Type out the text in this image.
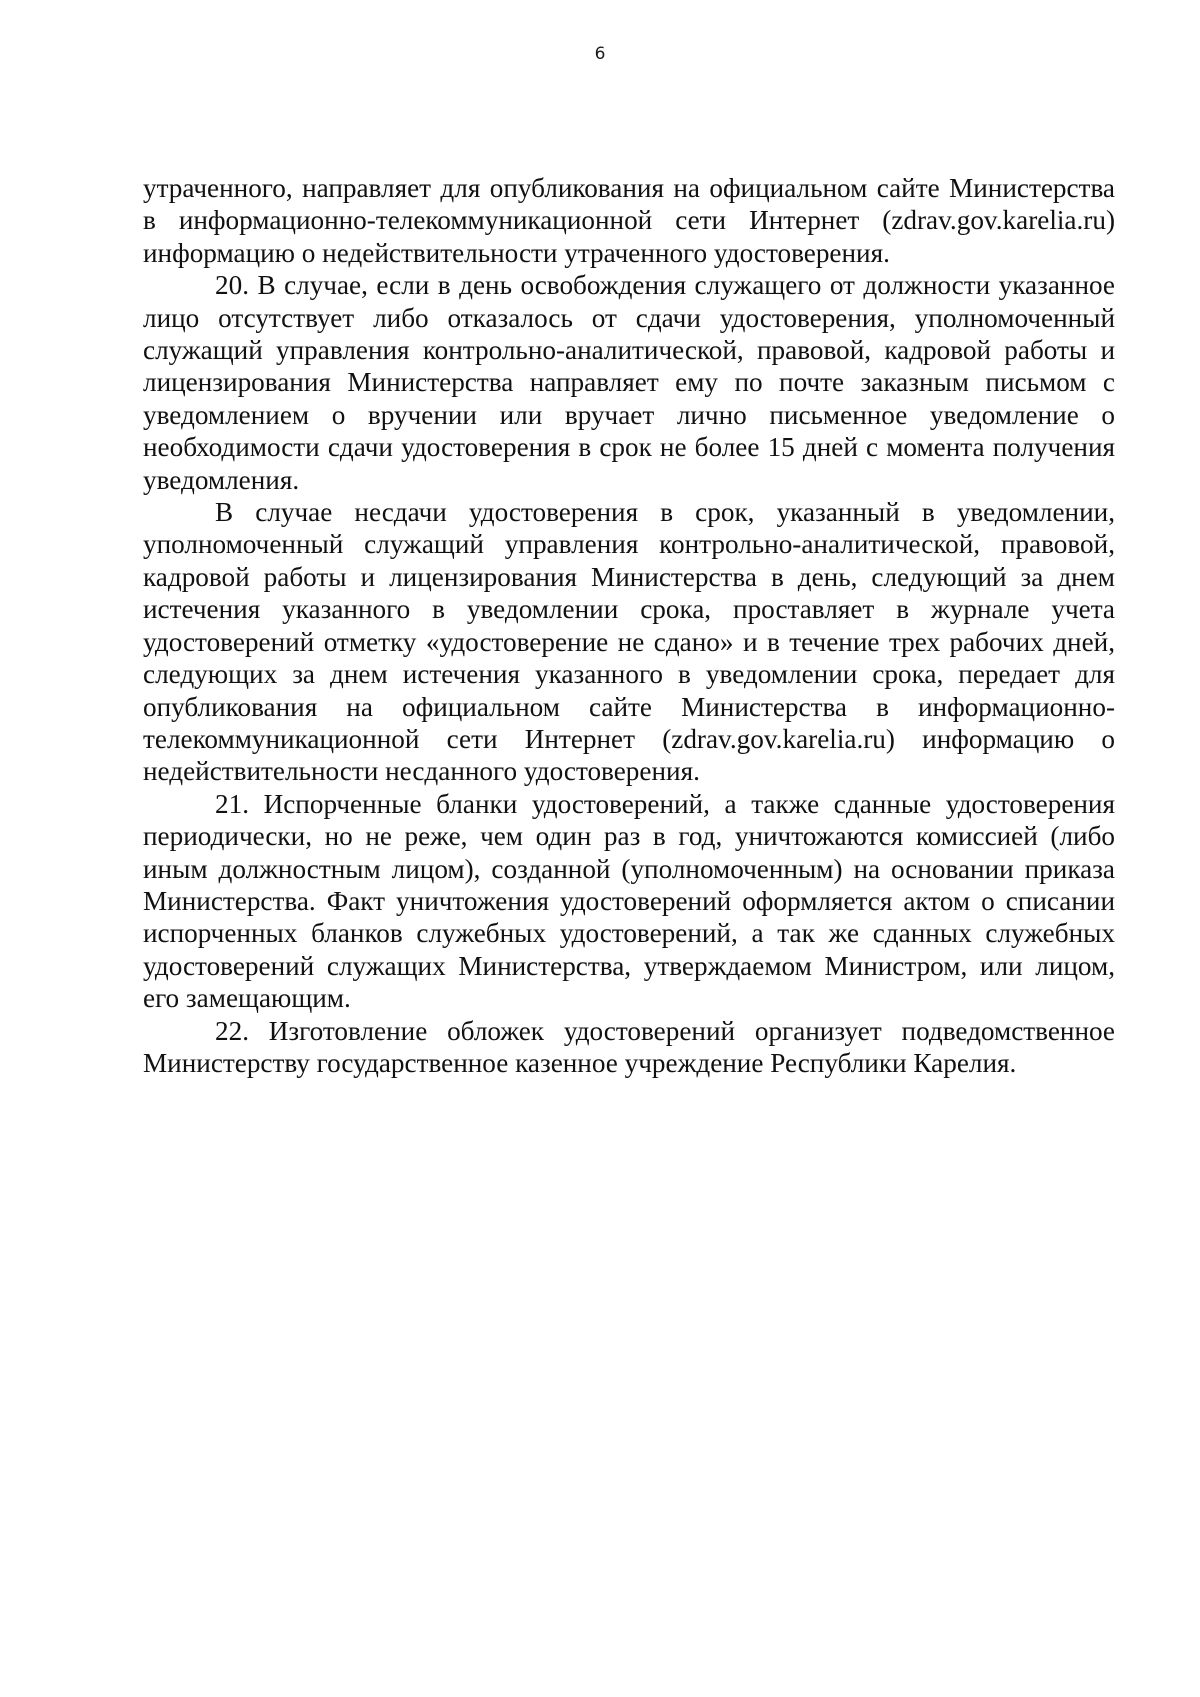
6

утраченного, направляет для опубликования на официальном сайте Министерства в информационно-телекоммуникационной сети Интернет (zdrav.gov.karelia.ru) информацию о недействительности утраченного удостоверения.

20. В случае, если в день освобождения служащего от должности указанное лицо отсутствует либо отказалось от сдачи удостоверения, уполномоченный служащий управления контрольно-аналитической, правовой, кадровой работы и лицензирования Министерства направляет ему по почте заказным письмом с уведомлением о вручении или вручает лично письменное уведомление о необходимости сдачи удостоверения в срок не более 15 дней с момента получения уведомления.

В случае несдачи удостоверения в срок, указанный в уведомлении, уполномоченный служащий управления контрольно-аналитической, правовой, кадровой работы и лицензирования Министерства в день, следующий за днем истечения указанного в уведомлении срока, проставляет в журнале учета удостоверений отметку «удостоверение не сдано» и в течение трех рабочих дней, следующих за днем истечения указанного в уведомлении срока, передает для опубликования на официальном сайте Министерства в информационно-телекоммуникационной сети Интернет (zdrav.gov.karelia.ru) информацию о недействительности несданного удостоверения.

21. Испорченные бланки удостоверений, а также сданные удостоверения периодически, но не реже, чем один раз в год, уничтожаются комиссией (либо иным должностным лицом), созданной (уполномоченным) на основании приказа Министерства. Факт уничтожения удостоверений оформляется актом о списании испорченных бланков служебных удостоверений, а так же сданных служебных удостоверений служащих Министерства, утверждаемом Министром, или лицом, его замещающим.

22. Изготовление обложек удостоверений организует подведомственное Министерству государственное казенное учреждение Республики Карелия.
